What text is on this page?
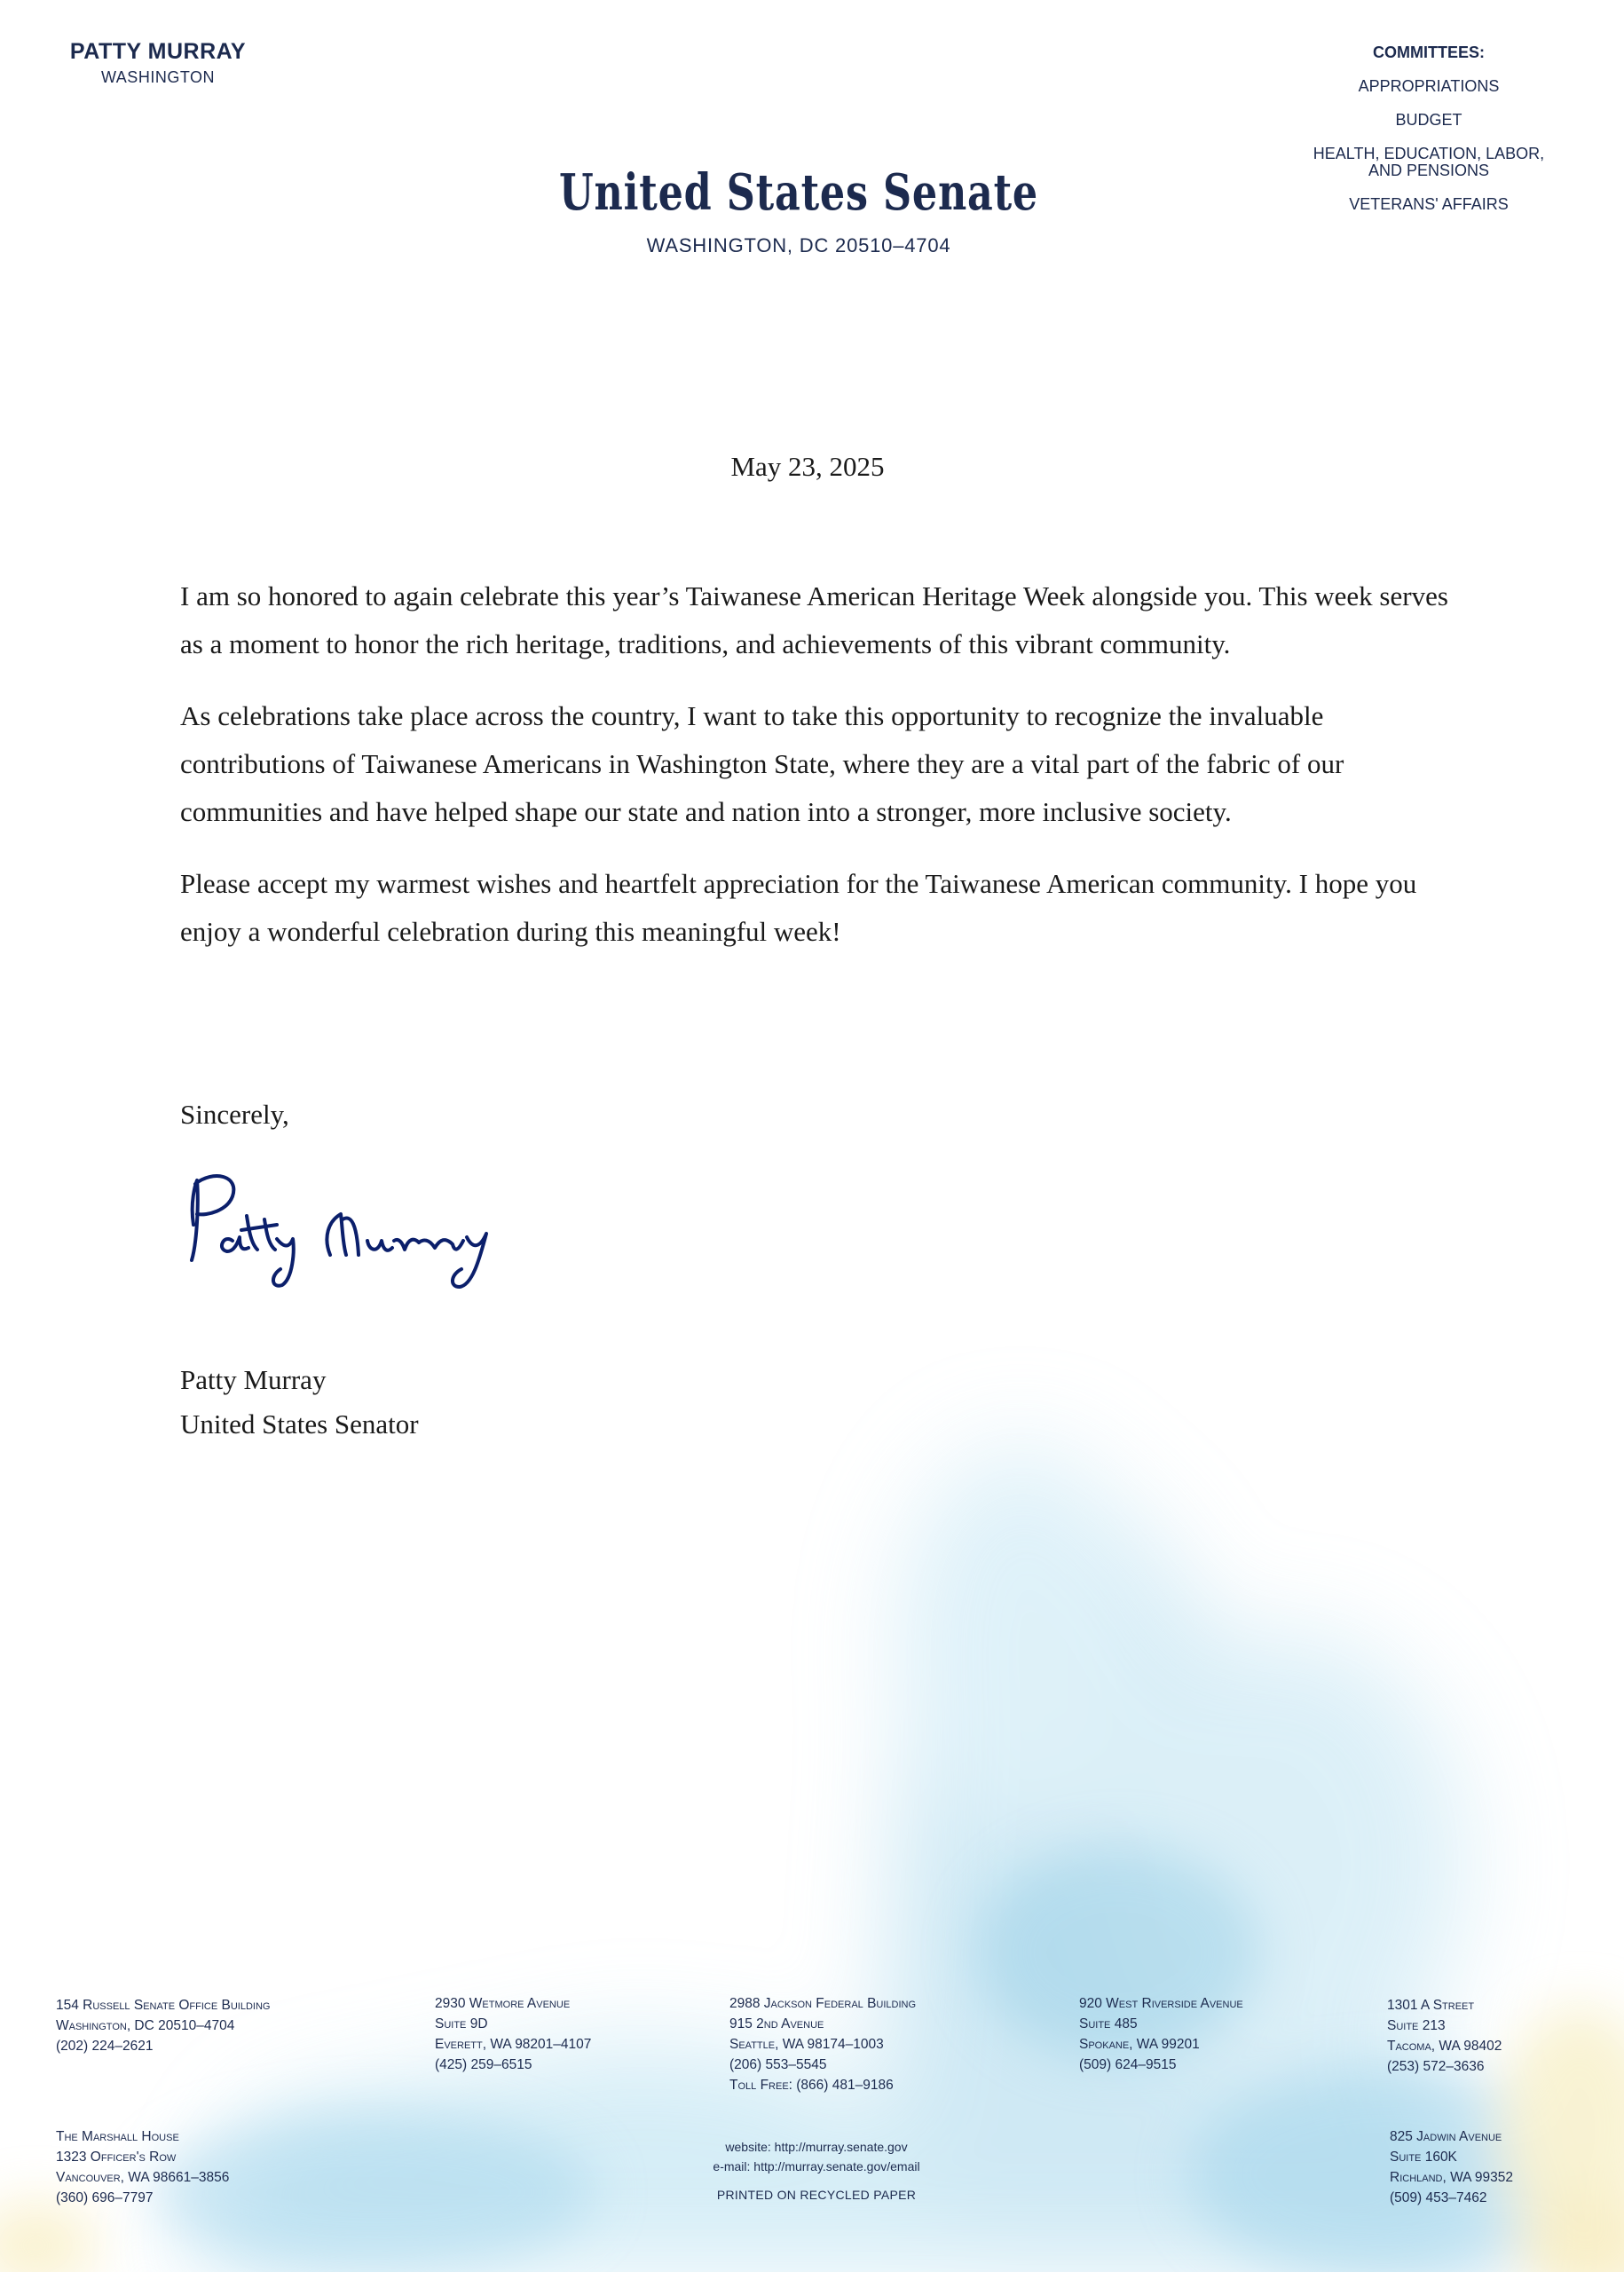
PATTY MURRAY
WASHINGTON
COMMITTEES:
APPROPRIATIONS
BUDGET
HEALTH, EDUCATION, LABOR, AND PENSIONS
VETERANS' AFFAIRS
United States Senate
WASHINGTON, DC 20510–4704
May 23, 2025

I am so honored to again celebrate this year’s Taiwanese American Heritage Week alongside you. This week serves as a moment to honor the rich heritage, traditions, and achievements of this vibrant community.

As celebrations take place across the country, I want to take this opportunity to recognize the invaluable contributions of Taiwanese Americans in Washington State, where they are a vital part of the fabric of our communities and have helped shape our state and nation into a stronger, more inclusive society.

Please accept my warmest wishes and heartfelt appreciation for the Taiwanese American community. I hope you enjoy a wonderful celebration during this meaningful week!

Sincerely,
Patty Murray
Patty Murray
United States Senator
154 Russell Senate Office Building
Washington, DC 20510–4704
(202) 224–2621
2930 Wetmore Avenue
Suite 9D
Everett, WA 98201–4107
(425) 259–6515
2988 Jackson Federal Building
915 2nd Avenue
Seattle, WA 98174–1003
(206) 553–5545
Toll Free: (866) 481–9186
920 West Riverside Avenue
Suite 485
Spokane, WA 99201
(509) 624–9515
1301 A Street
Suite 213
Tacoma, WA 98402
(253) 572–3636
The Marshall House
1323 Officer's Row
Vancouver, WA 98661–3856
(360) 696–7797
825 Jadwin Avenue
Suite 160K
Richland, WA 99352
(509) 453–7462
website: http://murray.senate.gov
e-mail: http://murray.senate.gov/email
PRINTED ON RECYCLED PAPER
